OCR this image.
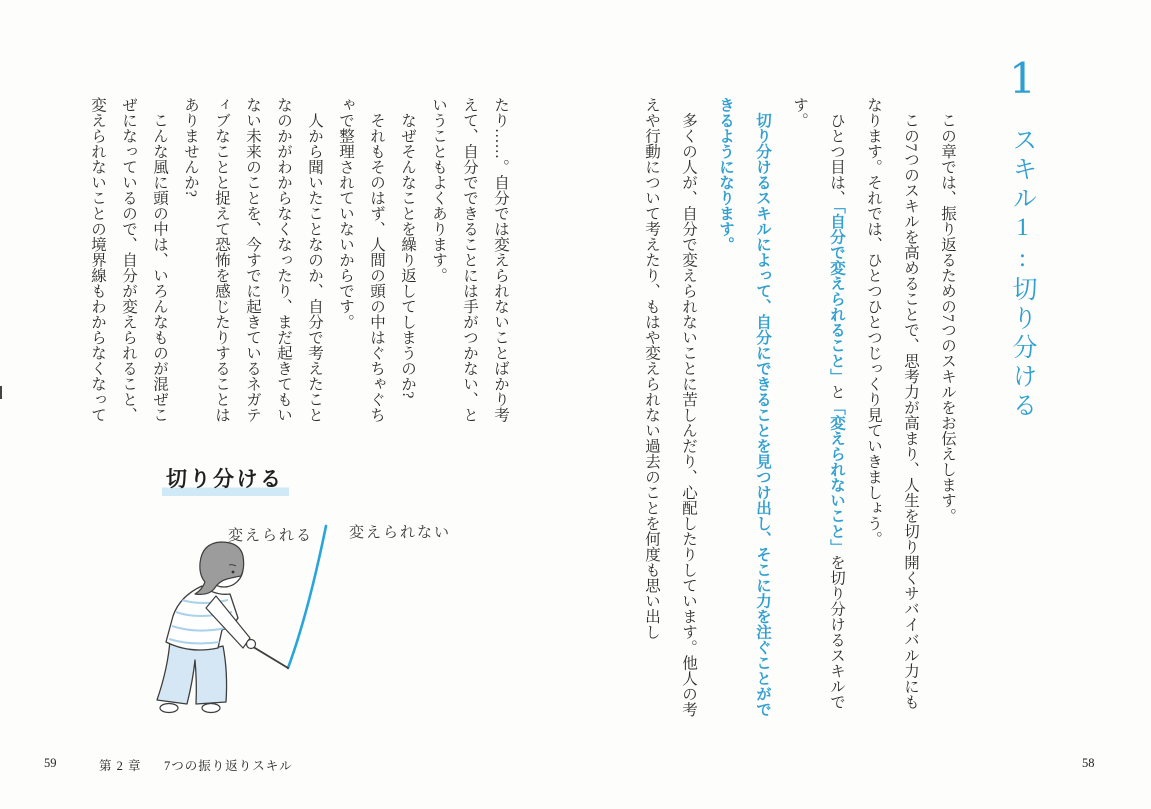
1スキル1:切り分ける

　この章では、振り返るための7つのスキルをお伝えします。

　この7つのスキルを高めることで、思考力が高まり、人生を切り開くサバイバル力にもなります。それでは、ひとつひとつじっくり見ていきましょう。

　ひとつ目は、「自分で変えられること」と「変えられないこと」を切り分けるスキルです。

　切り分けるスキルによって、自分にできることを見つけ出し、そこに力を注ぐことができるようになります。

　多くの人が、自分で変えられないことに苦しんだり、心配したりしています。他人の考えや行動について考えたり、もはや変えられない過去のことを何度も思い出し

58

たり……。自分では変えられないことばかり考えて、自分でできることには手がつかない、ということもよくあります。

　なぜそんなことを繰り返してしまうのか?

　それもそのはず、人間の頭の中はぐちゃぐちゃで整理されていないからです。

　人から聞いたことなのか、自分で考えたことなのかがわからなくなったり、まだ起きてもいない未来のことを、今すでに起きているネガティブなことと捉えて恐怖を感じたりすることはありませんか?

　こんな風に頭の中は、いろんなものが混ぜこぜになっているので、自分が変えられること、変えられないことの境界線もわからなくなって

切り分ける
変えられる 変えられない
59	第 2 章 7つの振り返りスキル
